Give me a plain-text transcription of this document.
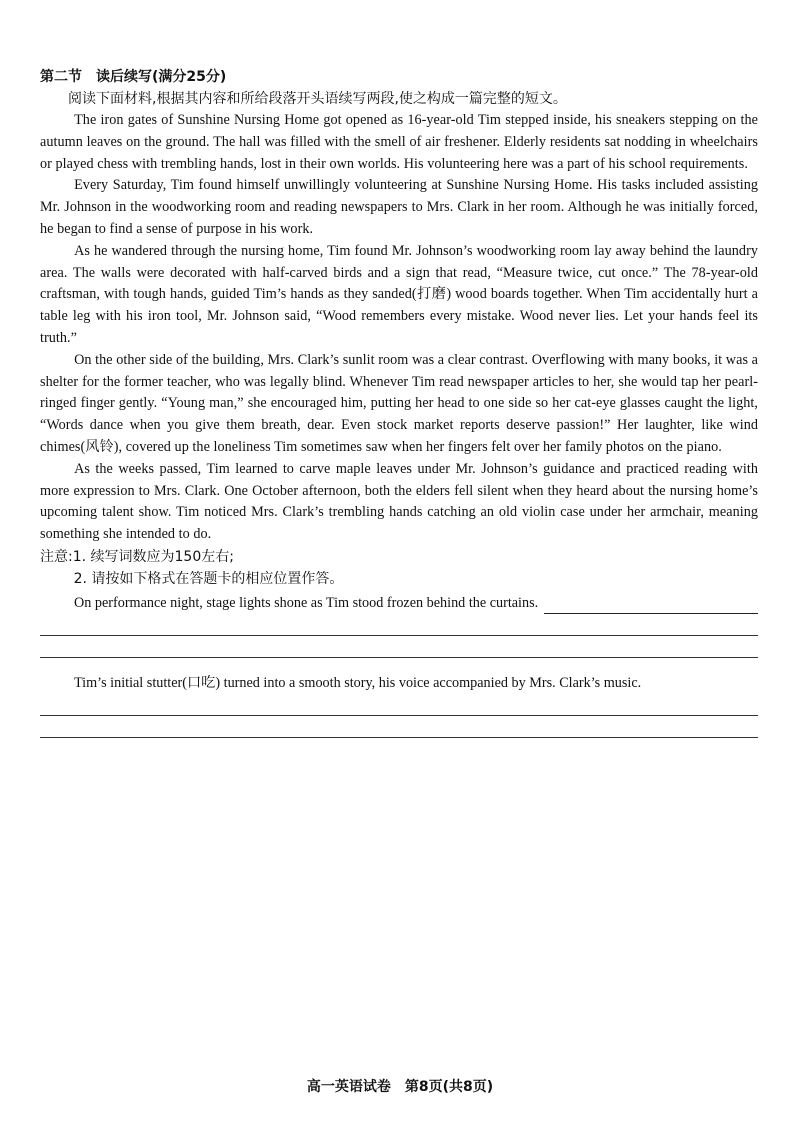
第二节　读后续写(满分25分)

阅读下面材料,根据其内容和所给段落开头语续写两段,使之构成一篇完整的短文。

The iron gates of Sunshine Nursing Home got opened as 16-year-old Tim stepped inside, his sneakers stepping on the autumn leaves on the ground. The hall was filled with the smell of air freshener. Elderly residents sat nodding in wheelchairs or played chess with trembling hands, lost in their own worlds. His volunteering here was a part of his school requirements.

Every Saturday, Tim found himself unwillingly volunteering at Sunshine Nursing Home. His tasks included assisting Mr. Johnson in the woodworking room and reading newspapers to Mrs. Clark in her room. Although he was initially forced, he began to find a sense of purpose in his work.

As he wandered through the nursing home, Tim found Mr. Johnson’s woodworking room lay away behind the laundry area. The walls were decorated with half-carved birds and a sign that read, “Measure twice, cut once.” The 78-year-old craftsman, with tough hands, guided Tim’s hands as they sanded(打磨) wood boards together. When Tim accidentally hurt a table leg with his iron tool, Mr. Johnson said, “Wood remembers every mistake. Wood never lies. Let your hands feel its truth.”

On the other side of the building, Mrs. Clark’s sunlit room was a clear contrast. Overflowing with many books, it was a shelter for the former teacher, who was legally blind. Whenever Tim read newspaper articles to her, she would tap her pearl-ringed finger gently. “Young man,” she encouraged him, putting her head to one side so her cat-eye glasses caught the light, “Words dance when you give them breath, dear. Even stock market reports deserve passion!” Her laughter, like wind chimes(风铃), covered up the loneliness Tim sometimes saw when her fingers felt over her family photos on the piano.

As the weeks passed, Tim learned to carve maple leaves under Mr. Johnson’s guidance and practiced reading with more expression to Mrs. Clark. One October afternoon, both the elders fell silent when they heard about the nursing home’s upcoming talent show. Tim noticed Mrs. Clark’s trembling hands catching an old violin case under her armchair, meaning something she intended to do.

注意:1. 续写词数应为150左右;

2. 请按如下格式在答题卡的相应位置作答。

On performance night, stage lights shone as Tim stood frozen behind the curtains.

Tim’s initial stutter(口吃) turned into a smooth story, his voice accompanied by Mrs. Clark’s music.

高一英语试卷　第8页(共8页)
